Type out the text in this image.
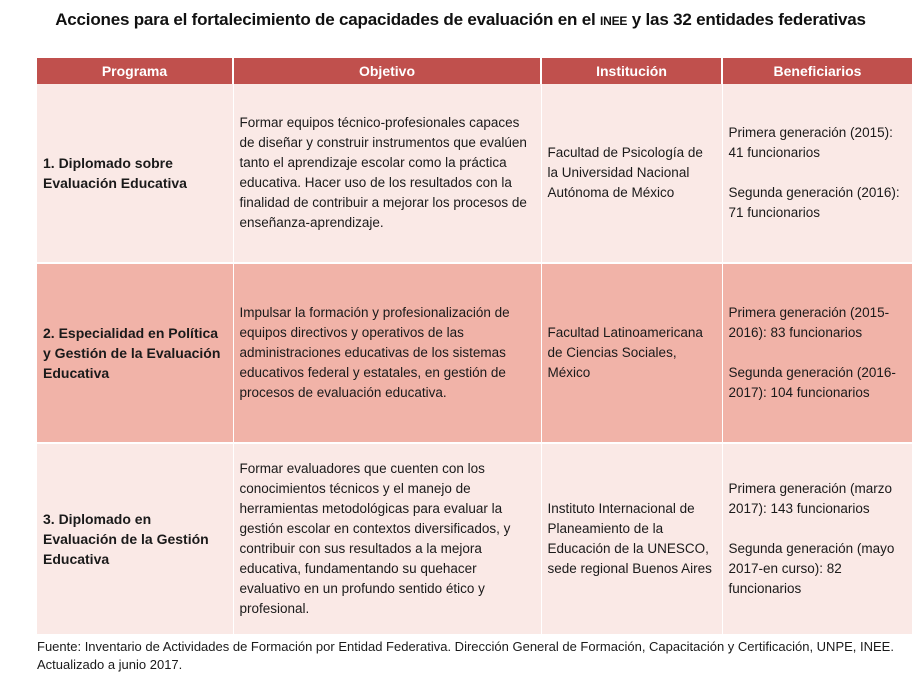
Acciones para el fortalecimiento de capacidades de evaluación en el INEE y las 32 entidades federativas
Programa	Objetivo	Institución	Beneficiarios
1. Diplomado sobre Evaluación Educativa	Formar equipos técnico-profesionales capaces de diseñar y construir instrumentos que evalúen tanto el aprendizaje escolar como la práctica educativa. Hacer uso de los resultados con la finalidad de contribuir a mejorar los procesos de enseñanza-aprendizaje.	Facultad de Psicología de la Universidad Nacional Autónoma de México	Primera generación (2015): 41 funcionarios

Segunda generación (2016): 71 funcionarios

2. Especialidad en Política y Gestión de la Evaluación Educativa	Impulsar la formación y profesionalización de equipos directivos y operativos de las administraciones educativas de los sistemas educativos federal y estatales, en gestión de procesos de evaluación educativa.	Facultad Latinoamericana de Ciencias Sociales, México	Primera generación (2015-2016): 83 funcionarios

Segunda generación (2016-2017): 104 funcionarios

3. Diplomado en Evaluación de la Gestión Educativa	Formar evaluadores que cuenten con los conocimientos técnicos y el manejo de herramientas metodológicas para evaluar la gestión escolar en contextos diversificados, y contribuir con sus resultados a la mejora educativa, fundamentando su quehacer evaluativo en un profundo sentido ético y profesional.	Instituto Internacional de Planeamiento de la Educación de la UNESCO, sede regional Buenos Aires	Primera generación (marzo 2017): 143 funcionarios

Segunda generación (mayo 2017-en curso): 82 funcionarios

Fuente: Inventario de Actividades de Formación por Entidad Federativa. Dirección General de Formación, Capacitación y Certificación, UNPE, INEE. Actualizado a junio 2017.
